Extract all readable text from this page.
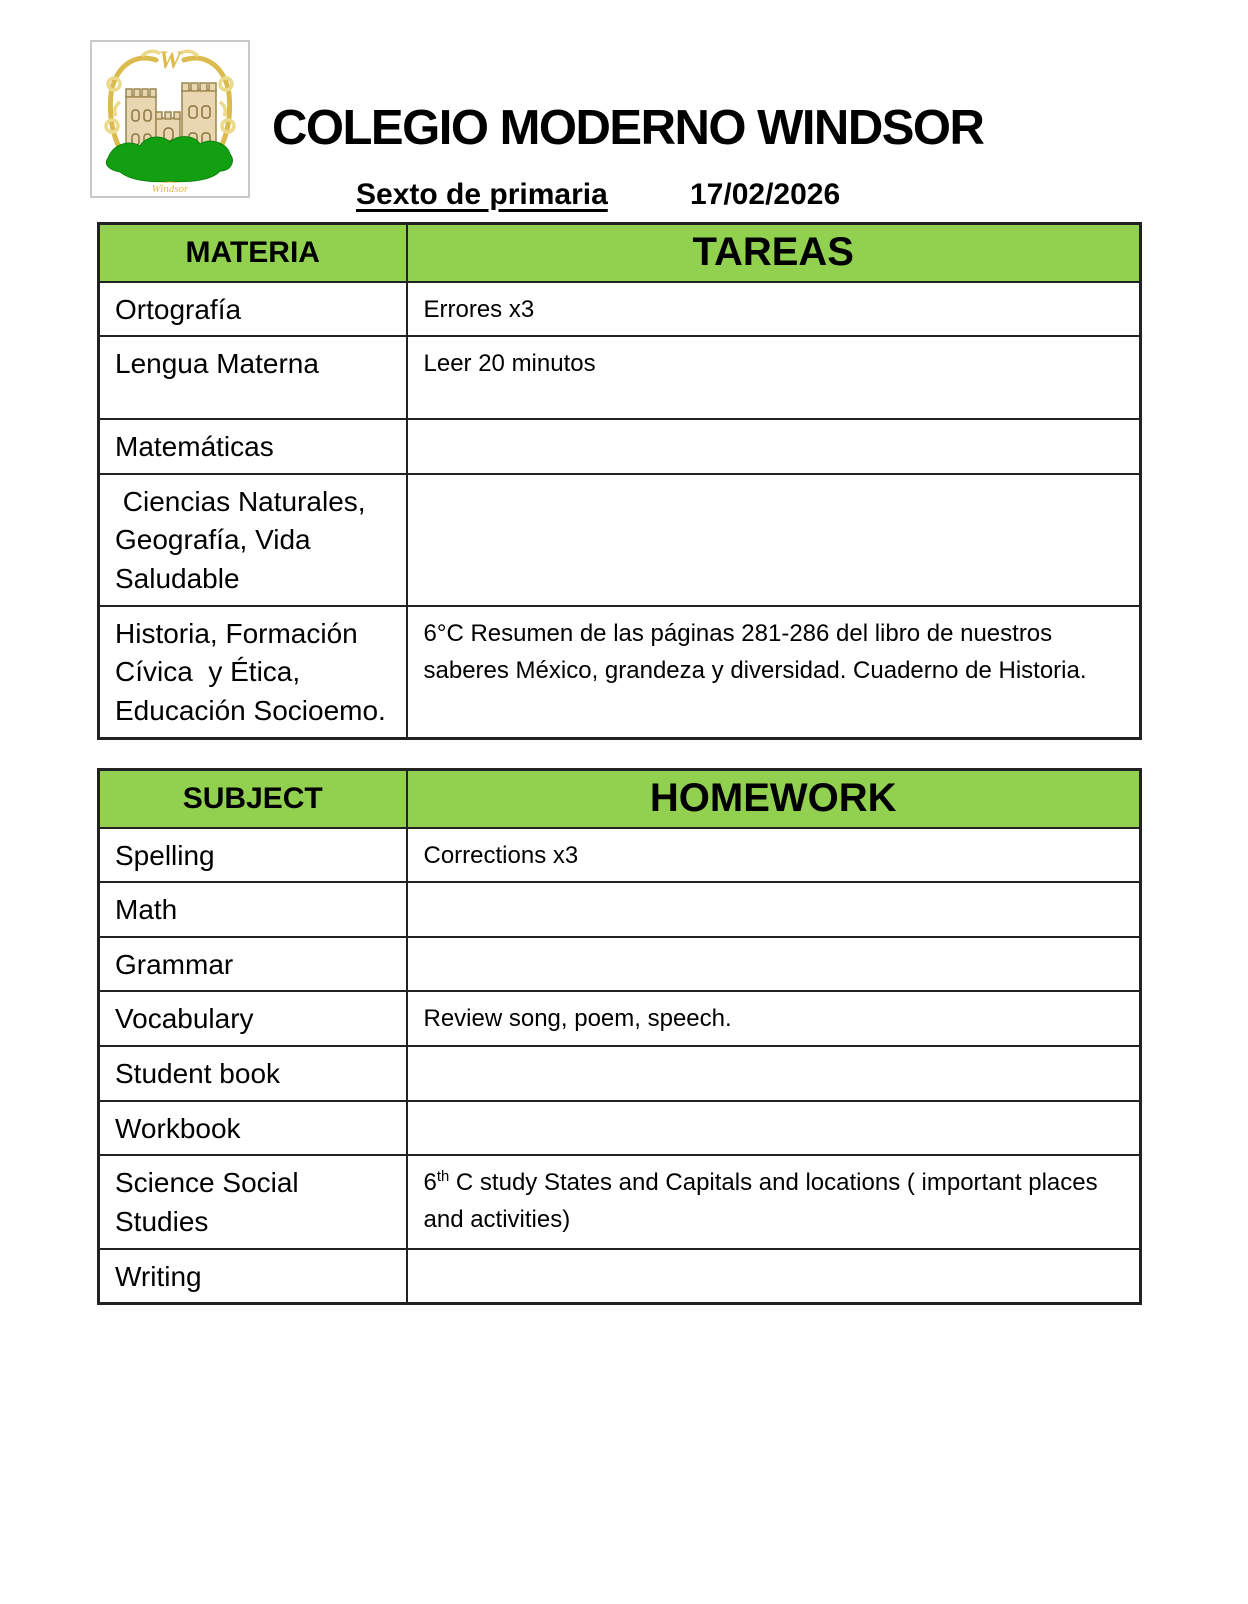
W
Windsor
COLEGIO MODERNO WINDSOR
Sexto de primaria	17/02/2026
MATERIA	TAREAS
Ortografía	Errores x3
Lengua Materna	Leer 20 minutos
Matemáticas	
Ciencias Naturales, Geografía, Vida Saludable	
Historia, Formación Cívica  y Ética, Educación Socioemo.	6°C Resumen de las páginas 281-286 del libro de nuestros saberes México, grandeza y diversidad. Cuaderno de Historia.
SUBJECT	HOMEWORK
Spelling	Corrections x3
Math	
Grammar	
Vocabulary	Review song, poem, speech.
Student book	
Workbook	
Science Social Studies	6th C study States and Capitals and locations ( important places and activities)
Writing	
